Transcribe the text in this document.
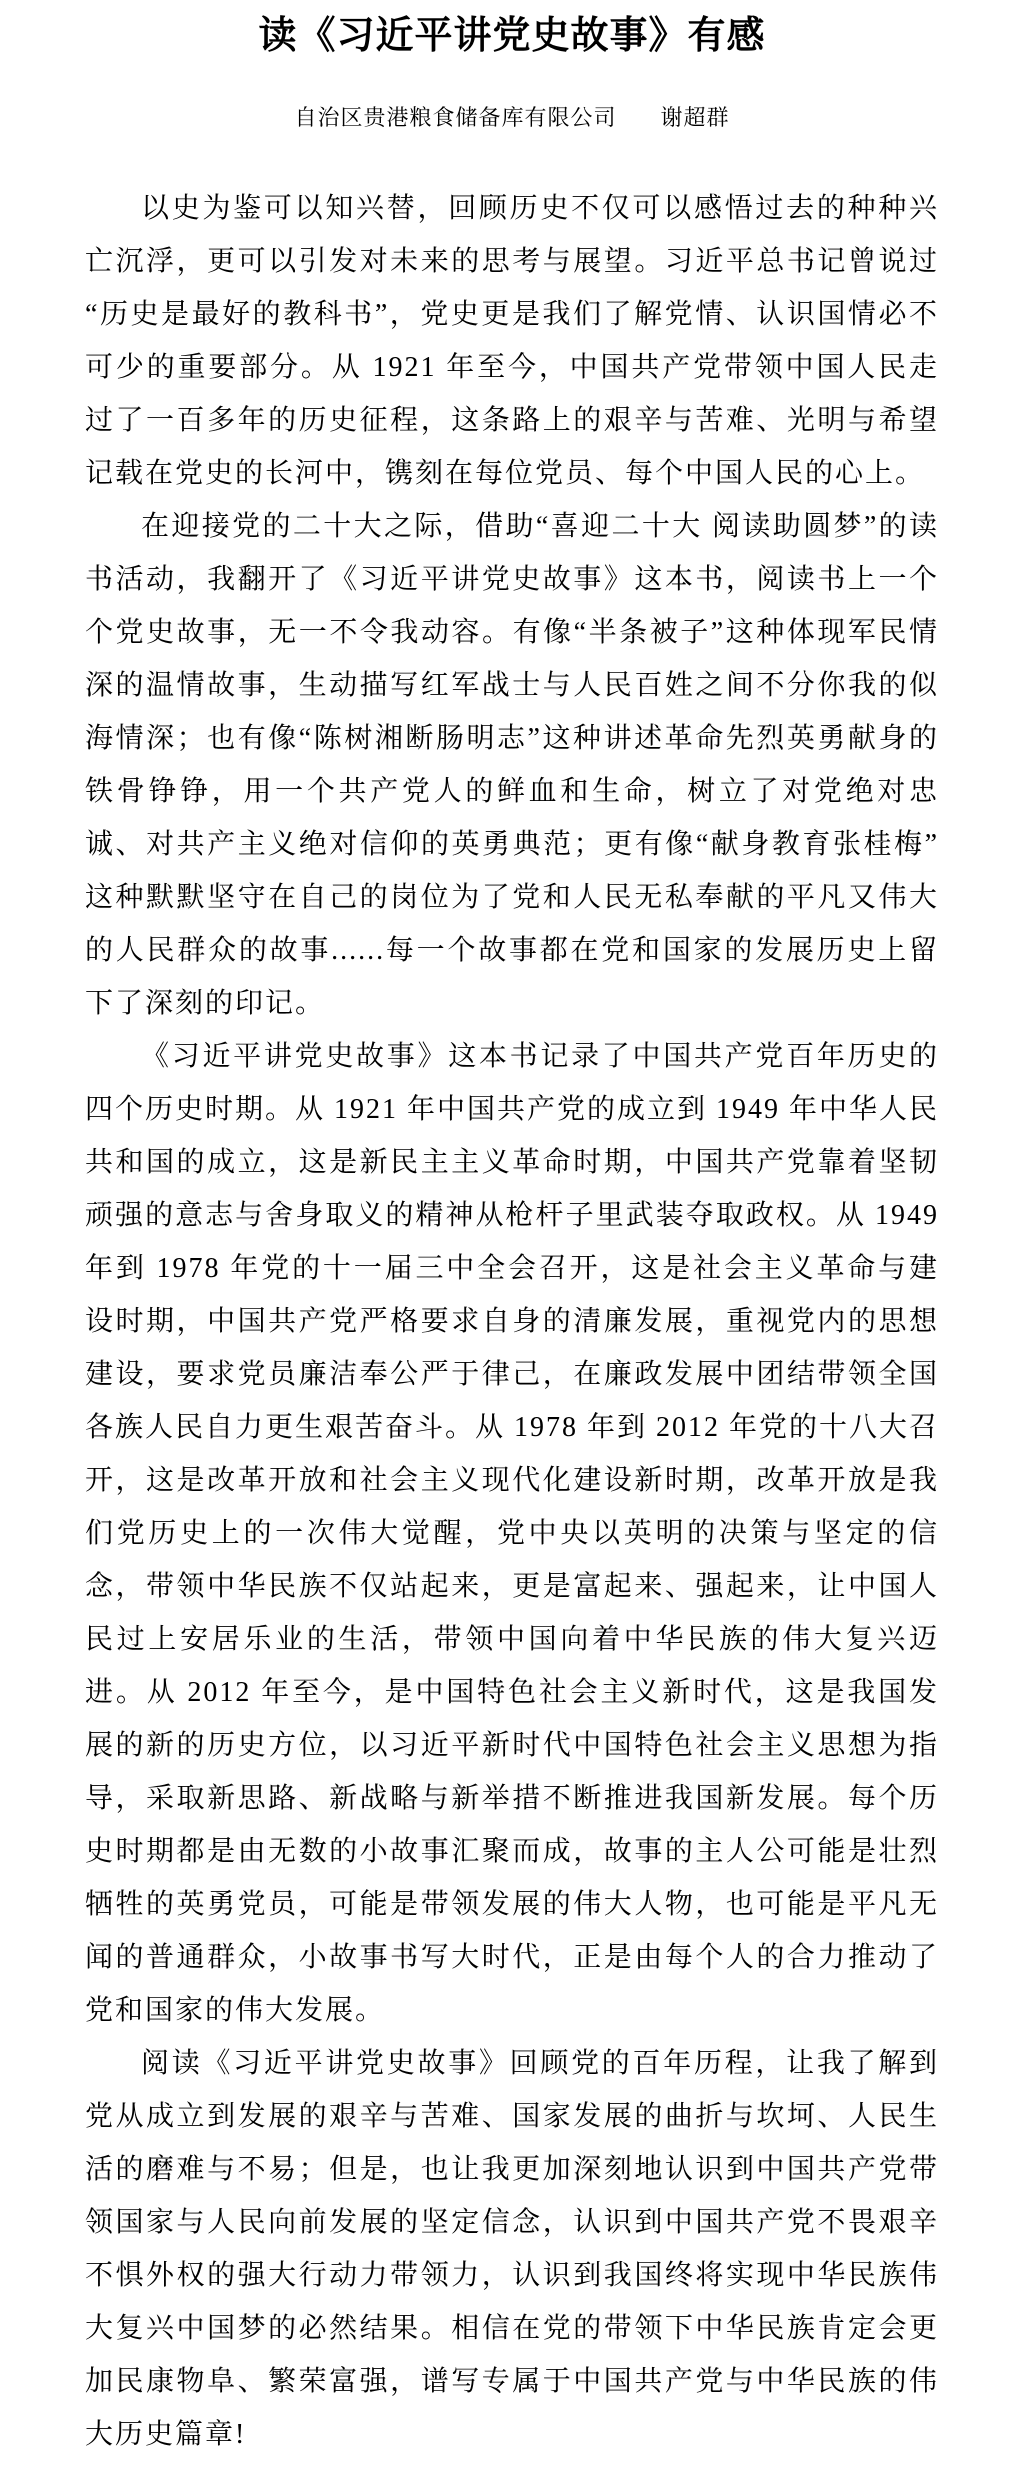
读《习近平讲党史故事》有感
自治区贵港粮食储备库有限公司 谢超群

以史为鉴可以知兴替，回顾历史不仅可以感悟过去的种种兴亡沉浮，更可以引发对未来的思考与展望。习近平总书记曾说过“历史是最好的教科书”，党史更是我们了解党情、认识国情必不可少的重要部分。从 1921 年至今，中国共产党带领中国人民走过了一百多年的历史征程，这条路上的艰辛与苦难、光明与希望记载在党史的长河中，镌刻在每位党员、每个中国人民的心上。

在迎接党的二十大之际，借助“喜迎二十大 阅读助圆梦”的读书活动，我翻开了《习近平讲党史故事》这本书，阅读书上一个个党史故事，无一不令我动容。有像“半条被子”这种体现军民情深的温情故事，生动描写红军战士与人民百姓之间不分你我的似海情深；也有像“陈树湘断肠明志”这种讲述革命先烈英勇献身的铁骨铮铮，用一个共产党人的鲜血和生命，树立了对党绝对忠诚、对共产主义绝对信仰的英勇典范；更有像“献身教育张桂梅”这种默默坚守在自己的岗位为了党和人民无私奉献的平凡又伟大的人民群众的故事......每一个故事都在党和国家的发展历史上留下了深刻的印记。

《习近平讲党史故事》这本书记录了中国共产党百年历史的四个历史时期。从 1921 年中国共产党的成立到 1949 年中华人民共和国的成立，这是新民主主义革命时期，中国共产党靠着坚韧顽强的意志与舍身取义的精神从枪杆子里武装夺取政权。从 1949 年到 1978 年党的十一届三中全会召开，这是社会主义革命与建设时期，中国共产党严格要求自身的清廉发展，重视党内的思想建设，要求党员廉洁奉公严于律己，在廉政发展中团结带领全国各族人民自力更生艰苦奋斗。从 1978 年到 2012 年党的十八大召开，这是改革开放和社会主义现代化建设新时期，改革开放是我们党历史上的一次伟大觉醒，党中央以英明的决策与坚定的信念，带领中华民族不仅站起来，更是富起来、强起来，让中国人民过上安居乐业的生活，带领中国向着中华民族的伟大复兴迈进。从 2012 年至今，是中国特色社会主义新时代，这是我国发展的新的历史方位，以习近平新时代中国特色社会主义思想为指导，采取新思路、新战略与新举措不断推进我国新发展。每个历史时期都是由无数的小故事汇聚而成，故事的主人公可能是壮烈牺牲的英勇党员，可能是带领发展的伟大人物，也可能是平凡无闻的普通群众，小故事书写大时代，正是由每个人的合力推动了党和国家的伟大发展。

阅读《习近平讲党史故事》回顾党的百年历程，让我了解到党从成立到发展的艰辛与苦难、国家发展的曲折与坎坷、人民生活的磨难与不易；但是，也让我更加深刻地认识到中国共产党带领国家与人民向前发展的坚定信念，认识到中国共产党不畏艰辛不惧外权的强大行动力带领力，认识到我国终将实现中华民族伟大复兴中国梦的必然结果。相信在党的带领下中华民族肯定会更加民康物阜、繁荣富强，谱写专属于中国共产党与中华民族的伟大历史篇章!
